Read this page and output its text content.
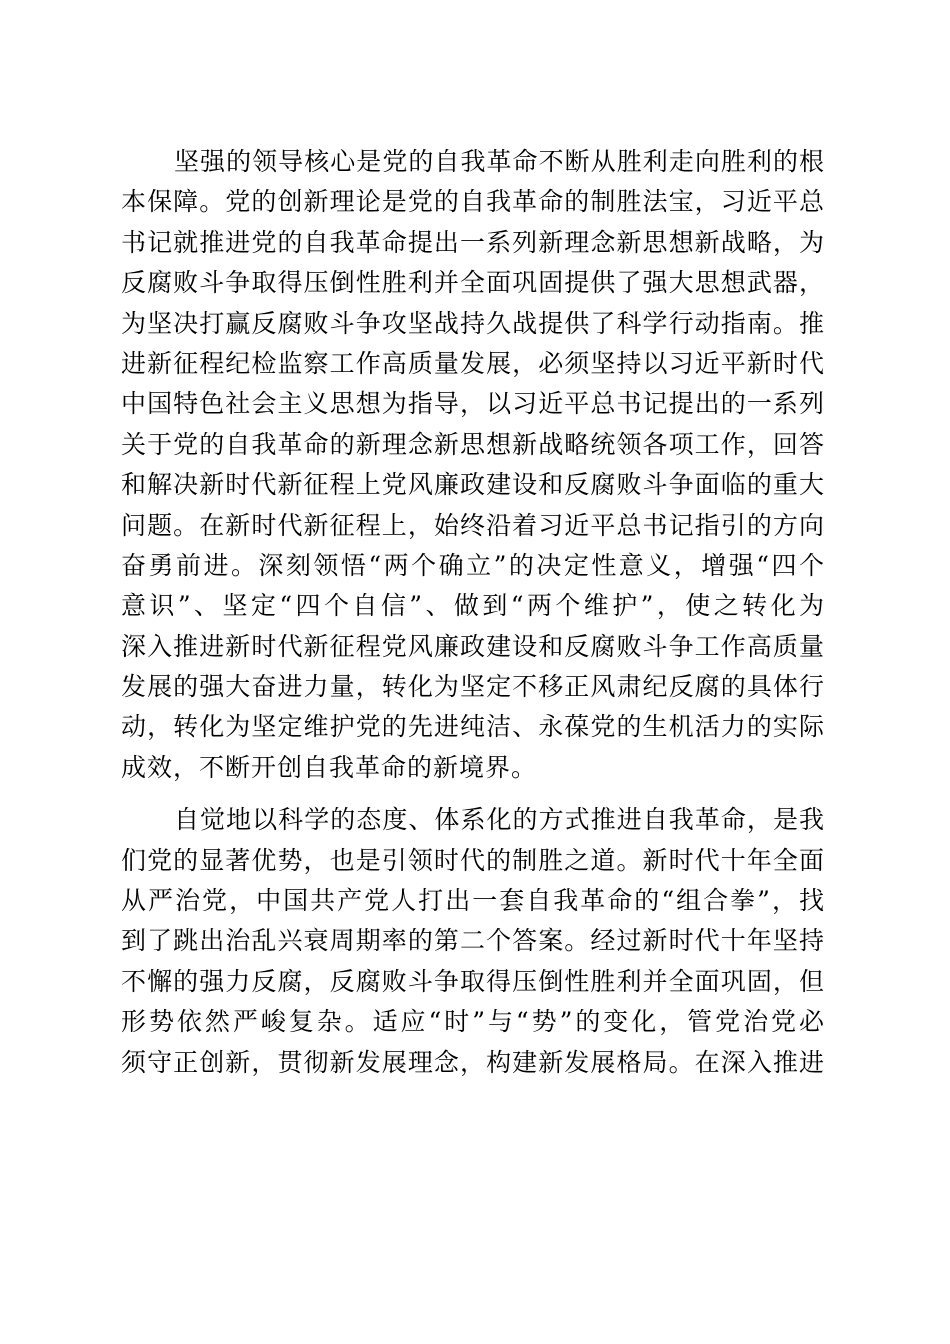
坚强的领导核心是党的自我革命不断从胜利走向胜利的根
本保障。党的创新理论是党的自我革命的制胜法宝，习近平总
书记就推进党的自我革命提出一系列新理念新思想新战略，为
反腐败斗争取得压倒性胜利并全面巩固提供了强大思想武器，
为坚决打赢反腐败斗争攻坚战持久战提供了科学行动指南。推
进新征程纪检监察工作高质量发展，必须坚持以习近平新时代
中国特色社会主义思想为指导，以习近平总书记提出的一系列
关于党的自我革命的新理念新思想新战略统领各项工作，回答
和解决新时代新征程上党风廉政建设和反腐败斗争面临的重大
问题。在新时代新征程上，始终沿着习近平总书记指引的方向
奋勇前进。深刻领悟“两个确立”的决定性意义，增强“四个
意识”、坚定“四个自信”、做到“两个维护”，使之转化为
深入推进新时代新征程党风廉政建设和反腐败斗争工作高质量
发展的强大奋进力量，转化为坚定不移正风肃纪反腐的具体行
动，转化为坚定维护党的先进纯洁、永葆党的生机活力的实际
成效，不断开创自我革命的新境界。
自觉地以科学的态度、体系化的方式推进自我革命，是我
们党的显著优势，也是引领时代的制胜之道。新时代十年全面
从严治党，中国共产党人打出一套自我革命的“组合拳”，找
到了跳出治乱兴衰周期率的第二个答案。经过新时代十年坚持
不懈的强力反腐，反腐败斗争取得压倒性胜利并全面巩固，但
形势依然严峻复杂。适应“时”与“势”的变化，管党治党必
须守正创新，贯彻新发展理念，构建新发展格局。在深入推进
